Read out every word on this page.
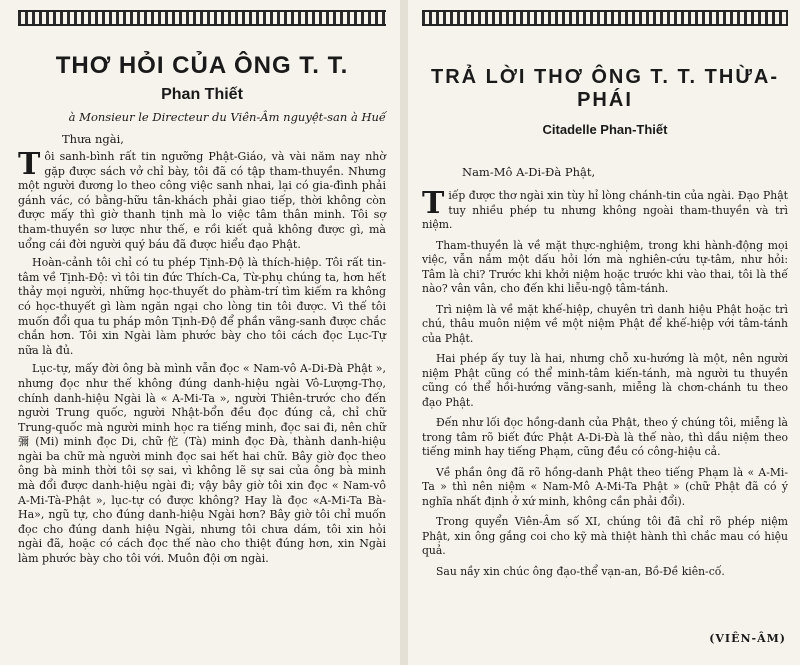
THƠ HỎI CỦA ÔNG T. T.
Phan Thiết
à Monsieur le Directeur du Viên-Âm nguyệt-san à Huế
Thưa ngài,

Tôi sanh-bình rất tin ngưỡng Phật-Giáo, và vài năm nay nhờ gặp được sách vở chỉ bày, tôi đã có tập tham-thuyền. Nhưng một người đương lo theo công việc sanh nhai, lại có gia-đình phải gánh vác, có bằng-hữu tân-khách phải giao tiếp, thời không còn được mấy thì giờ thanh tịnh mà lo việc tâm thân minh. Tôi sợ tham-thuyền sơ lược như thế, e rồi kiết quả không được gì, mà uổng cái đời người quý báu đã được hiểu đạo Phật.

Hoàn-cảnh tôi chỉ có tu phép Tịnh-Độ là thích-hiệp. Tôi rất tin-tâm về Tịnh-Độ: vì tôi tin đức Thích-Ca, Từ-phụ chúng ta, hơn hết thảy mọi người, những học-thuyết do phàm-trí tìm kiếm ra không có học-thuyết gì làm ngăn ngại cho lòng tin tôi được. Vì thế tôi muốn đổi qua tu pháp môn Tịnh-Độ để phần vãng-sanh được chắc chắn hơn. Tôi xin Ngài làm phước bày cho tôi cách đọc Lục-Tự nữa là đủ.

Lục-tự, mấy đời ông bà mình vẫn đọc « Nam-vô A-Di-Đà Phật », nhưng đọc như thế không đúng danh-hiệu ngài Vô-Lượng-Thọ, chính danh-hiệu Ngài là « A-Mi-Ta », người Thiên-trước cho đến người Trung quốc, người Nhật-bổn đều đọc đúng cả, chỉ chữ Trung-quốc mà người minh học ra tiếng minh, đọc sai đi, nên chữ 彌 (Mi) minh đọc Di, chữ 佗 (Tà) minh đọc Đà, thành danh-hiệu ngài ba chữ mà người minh đọc sai hết hai chữ. Bây giờ đọc theo ông bà minh thời tôi sợ sai, vì không lẽ sự sai của ông bà minh mà đổi được danh-hiệu ngài đi; vậy bây giờ tôi xin đọc « Nam-vô A-Mi-Tà-Phật », lục-tự có được không? Hay là đọc «A-Mi-Ta Bà-Ha», ngũ tự, cho đúng danh-hiệu Ngài hơn? Bây giờ tôi chỉ muốn đọc cho đúng danh hiệu Ngài, nhưng tôi chưa dám, tôi xin hỏi ngài đã, hoặc có cách đọc thế nào cho thiệt đúng hơn, xin Ngài làm phước bày cho tôi với. Muôn đội ơn ngài.

TRẢ LỜI THƠ ÔNG T. T. THỪA-PHÁI
Citadelle Phan-Thiết
Nam-Mô A-Di-Đà Phật,

Tiếp được thơ ngài xin tùy hỉ lòng chánh-tin của ngài. Đạo Phật tuy nhiều phép tu nhưng không ngoài tham-thuyền và trì niệm.

Tham-thuyền là về mặt thực-nghiệm, trong khi hành-động mọi việc, vẫn nắm một dấu hỏi lớn mà nghiên-cứu tự-tâm, như hỏi: Tâm là chi? Trước khi khởi niệm hoặc trước khi vào thai, tôi là thế nào? vân vân, cho đến khi liễu-ngộ tâm-tánh.

Trì niệm là về mặt khế-hiệp, chuyên trì danh hiệu Phật hoặc trì chú, thâu muôn niệm về một niệm Phật để khế-hiệp với tâm-tánh của Phật.

Hai phép ấy tuy là hai, nhưng chỗ xu-hướng là một, nên người niệm Phật cũng có thể minh-tâm kiến-tánh, mà người tu thuyền cũng có thể hồi-hướng vãng-sanh, miễng là chơn-chánh tu theo đạo Phật.

Đến như lối đọc hồng-danh của Phật, theo ý chúng tôi, miễng là trong tâm rõ biết đức Phật A-Di-Đà là thế nào, thì dầu niệm theo tiếng minh hay tiếng Phạm, cũng đều có công-hiệu cả.

Về phần ông đã rõ hồng-danh Phật theo tiếng Phạm là « A-Mi-Ta » thì nên niệm « Nam-Mô A-Mi-Ta Phật » (chữ Phật đã có ý nghĩa nhất định ở xứ minh, không cần phải đổi).

Trong quyển Viên-Âm số XI, chúng tôi đã chỉ rõ phép niệm Phật, xin ông gắng coi cho kỹ mà thiệt hành thì chắc mau có hiệu quả.

Sau nầy xin chúc ông đạo-thể vạn-an, Bồ-Đề kiên-cố.

(VIÊN-ÂM)
